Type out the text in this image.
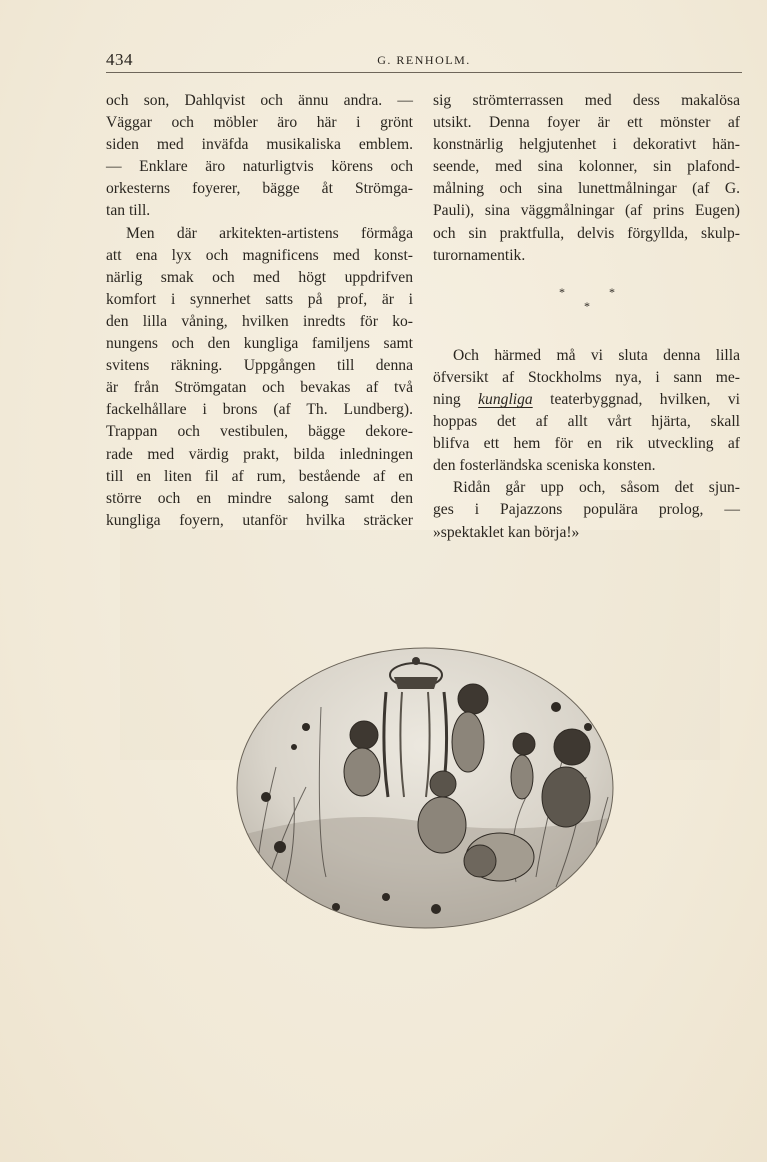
434	G. RENHOLM.

och son, Dahlqvist och ännu andra. —
Väggar och möbler äro här i grönt
siden med inväfda musikaliska emblem.
— Enklare äro naturligtvis körens och
orkesterns foyerer, bägge åt Strömga-
tan till.

Men där arkitekten-artistens förmåga
att ena lyx och magnificens med konst-
närlig smak och med högt uppdrifven
komfort i synnerhet satts på prof, är i
den lilla våning, hvilken inredts för ko-
nungens och den kungliga familjens samt
svitens räkning. Uppgången till denna
är från Strömgatan och bevakas af två
fackelhållare i brons (af Th. Lundberg).
Trappan och vestibulen, bägge dekore-
rade med värdig prakt, bilda inledningen
till en liten fil af rum, bestående af en
större och en mindre salong samt den
kungliga foyern, utanför hvilka sträcker

sig strömterrassen med dess makalösa
utsikt. Denna foyer är ett mönster af
konstnärlig helgjutenhet i dekorativt hän-
seende, med sina kolonner, sin plafond-
målning och sina lunettmålningar (af G.
Pauli), sina väggmålningar (af prins Eugen)
och sin praktfulla, delvis förgyllda, skulp-
turornamentik.

*	*
*

Och härmed må vi sluta denna lilla
öfversikt af Stockholms nya, i sann me-
ning kungliga teaterbyggnad, hvilken, vi
hoppas det af allt vårt hjärta, skall
blifva ett hem för en rik utveckling af
den fosterländska sceniska konsten.

Ridån går upp och, såsom det sjun-
ges i Pajazzons populära prolog, —
»spektaklet kan börja!»
